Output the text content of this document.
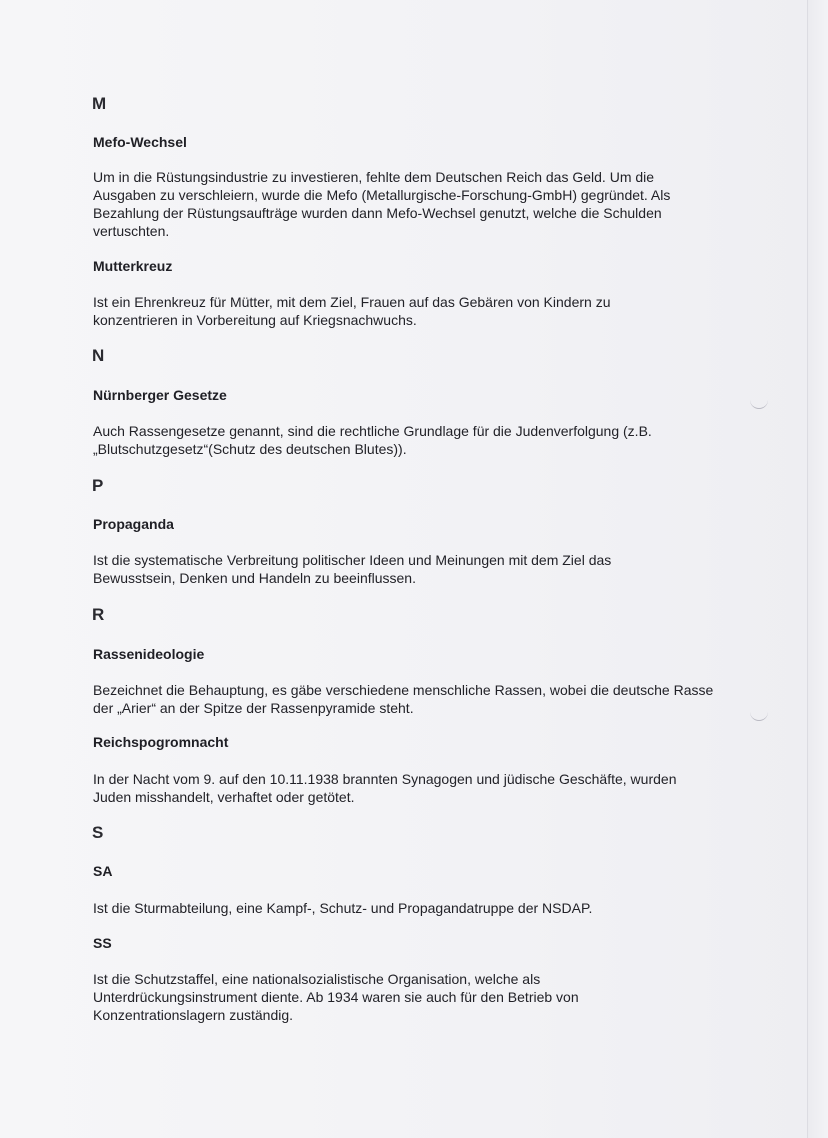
M
Mefo-Wechsel
Um in die Rüstungsindustrie zu investieren, fehlte dem Deutschen Reich das Geld. Um die Ausgaben zu verschleiern, wurde die Mefo (Metallurgische-Forschung-GmbH) gegründet. Als Bezahlung der Rüstungsaufträge wurden dann Mefo-Wechsel genutzt, welche die Schulden vertuschten.
Mutterkreuz
Ist ein Ehrenkreuz für Mütter, mit dem Ziel, Frauen auf das Gebären von Kindern zu konzentrieren in Vorbereitung auf Kriegsnachwuchs.
N
Nürnberger Gesetze
Auch Rassengesetze genannt, sind die rechtliche Grundlage für die Judenverfolgung (z.B. „Blutschutzgesetz“(Schutz des deutschen Blutes)).
P
Propaganda
Ist die systematische Verbreitung politischer Ideen und Meinungen mit dem Ziel das Bewusstsein, Denken und Handeln zu beeinflussen.
R
Rassenideologie
Bezeichnet die Behauptung, es gäbe verschiedene menschliche Rassen, wobei die deutsche Rasse der „Arier“ an der Spitze der Rassenpyramide steht.
Reichspogromnacht
In der Nacht vom 9. auf den 10.11.1938 brannten Synagogen und jüdische Geschäfte, wurden Juden misshandelt, verhaftet oder getötet.
S
SA
Ist die Sturmabteilung, eine Kampf-, Schutz- und Propagandatruppe der NSDAP.
SS
Ist die Schutzstaffel, eine nationalsozialistische Organisation, welche als Unterdrückungsinstrument diente. Ab 1934 waren sie auch für den Betrieb von Konzentrationslagern zuständig.
